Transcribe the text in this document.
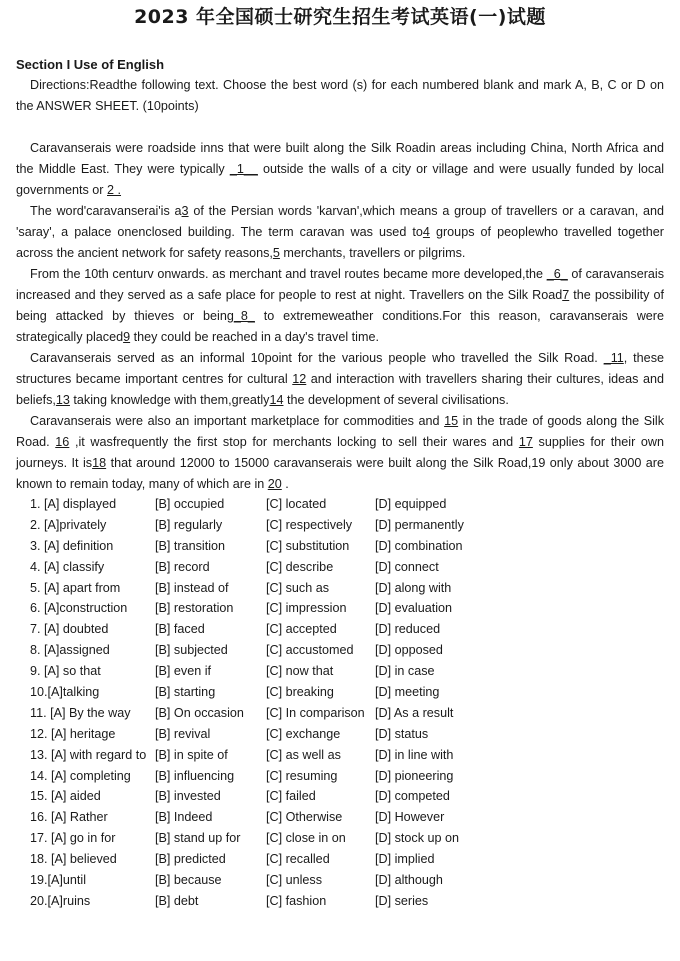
2023 年全国硕士研究生招生考试英语(一)试题
Section I Use of English

Directions:Readthe following text. Choose the best word (s) for each numbered blank and mark A, B, C or D on the ANSWER SHEET. (10points)

Caravanserais were roadside inns that were built along the Silk Roadin areas including China, North Africa and the Middle East. They were typically _1__ outside the walls of a city or village and were usually funded by local governments or 2 .

The word'caravanserai'is a3 of the Persian words 'karvan',which means a group of travellers or a caravan, and 'saray', a palace onenclosed building. The term caravan was used to4 groups of peoplewho travelled together across the ancient network for safety reasons,5 merchants, travellers or pilgrims.

From the 10th centurv onwards. as merchant and travel routes became more developed,the _6_ of caravanserais increased and they served as a safe place for people to rest at night. Travellers on the Silk Road7 the possibility of being attacked by thieves or being_8_ to extremeweather conditions.For this reason, caravanserais were strategically placed9 they could be reached in a day's travel time.

Caravanserais served as an informal 10point for the various people who travelled the Silk Road. _11, these structures became important centres for cultural 12 and interaction with travellers sharing their cultures, ideas and beliefs,13 taking knowledge with them,greatly14 the development of several civilisations.

Caravanserais were also an important marketplace for commodities and 15 in the trade of goods along the Silk Road. 16 ,it wasfrequently the first stop for merchants locking to sell their wares and 17 supplies for their own journeys. It is18 that around 12000 to 15000 caravanserais were built along the Silk Road,19 only about 3000 are known to remain today, many of which are in 20 .

1. [A] displayed	[B] occupied	[C] located	[D] equipped
2. [A]privately	[B] regularly	[C] respectively [D] permanently
3. [A] definition	[B] transition	[C] substitution [D] combination
4. [A] classify	[B] record	[C] describe	[D] connect
5. [A] apart from	[B] instead of	[C] such as	[D] along with
6. [A]construction [B] restoration	[C] impression [D] evaluation
7. [A] doubted	[B] faced	[C] accepted	[D] reduced
8. [A]assigned	[B] subjected	[C] accustomed [D] opposed
9. [A] so that	[B] even if	[C] now that	[D] in case
10.[A]talking	[B] starting	[C] breaking	[D] meeting
11. [A] By the way [B] On occasion [C] In comparison [D] As a result
12. [A] heritage	[B] revival	[C] exchange	[D] status
13. [A] with regard to [B] in spite of	[C] as well as	[D] in line with
14. [A] completing [B] influencing	[C] resuming	[D] pioneering
15. [A] aided	[B] invested	[C] failed	[D] competed
16. [A] Rather	[B] Indeed	[C] Otherwise	[D] However
17. [A] go in for	[B] stand up for [C] close in on [D] stock up on
18. [A] believed	[B] predicted	[C] recalled	[D] implied
19.[A]until	[B] because	[C] unless	[D] although
20.[A]ruins	[B] debt	[C] fashion	[D] series
